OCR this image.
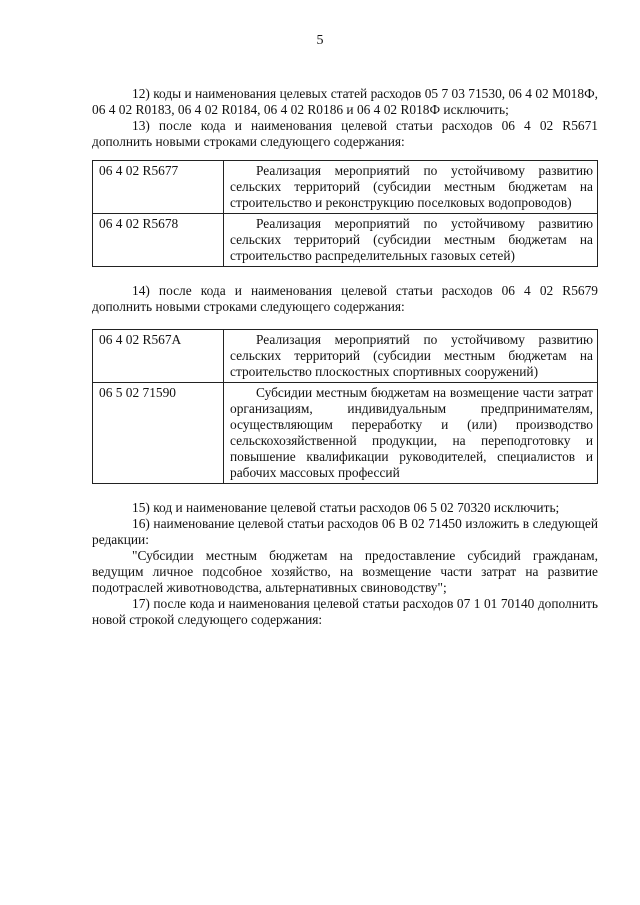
5

12) коды и наименования целевых статей расходов 05 7 03 71530, 06 4 02 М018Ф, 06 4 02 R0183, 06 4 02 R0184, 06 4 02 R0186 и 06 4 02 R018Ф исключить;

13) после кода и наименования целевой статьи расходов 06 4 02 R5671 дополнить новыми строками следующего содержания:

06 4 02 R5677	Реализация мероприятий по устойчивому развитию сельских территорий (субсидии местным бюджетам на строительство и реконструкцию поселковых водопроводов)

06 4 02 R5678	Реализация мероприятий по устойчивому развитию сельских территорий (субсидии местным бюджетам на строительство распределительных газовых сетей)

14) после кода и наименования целевой статьи расходов 06 4 02 R5679 дополнить новыми строками следующего содержания:

06 4 02 R567А	Реализация мероприятий по устойчивому развитию сельских территорий (субсидии местным бюджетам на строительство плоскостных спортивных сооружений)

06 5 02 71590	Субсидии местным бюджетам на возмещение части затрат организациям, индивидуальным предпринимателям, осуществляющим переработку и (или) производство сельскохозяйственной продукции, на переподготовку и повышение квалификации руководителей, специалистов и рабочих массовых профессий

15) код и наименование целевой статьи расходов 06 5 02 70320 исключить;

16) наименование целевой статьи расходов 06 В 02 71450 изложить в следующей редакции:

"Субсидии местным бюджетам на предоставление субсидий гражданам, ведущим личное подсобное хозяйство, на возмещение части затрат на развитие подотраслей животноводства, альтернативных свиноводству";

17) после кода и наименования целевой статьи расходов 07 1 01 70140 дополнить новой строкой следующего содержания:
